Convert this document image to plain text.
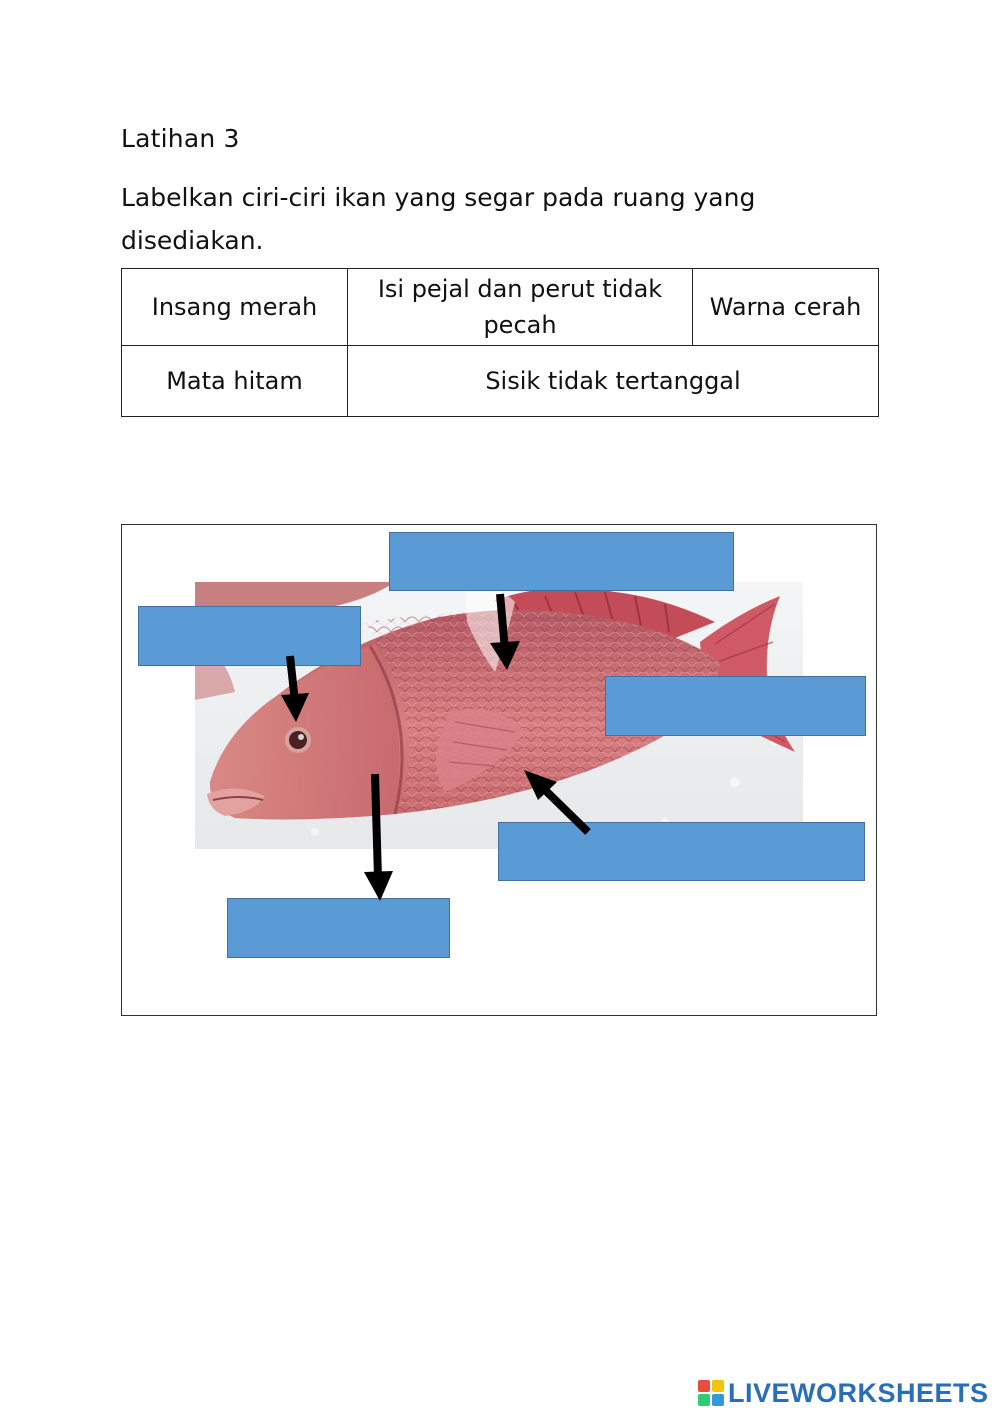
Latihan 3
Labelkan ciri-ciri ikan yang segar pada ruang yang disediakan.
Insang merah	Isi pejal dan perut tidak pecah	Warna cerah
Mata hitam	Sisik tidak tertanggal	
LIVEWORKSHEETS
